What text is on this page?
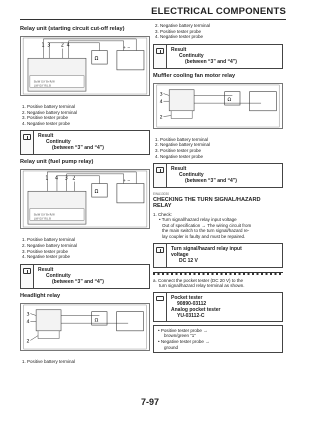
ELECTRICAL COMPONENTS
Relay unit (starting circuit cut-off relay)
Sb/W G/Y Br R/W
L/W G/Y R/L B
1 3 2 4
Ω
+ −
1. Positive battery terminal
2. Negative battery terminal
3. Positive tester probe
4. Negative tester probe
Result
Continuity
(between “3” and “4”)
Relay unit (fuel pump relay)
Sb/W G/Y Br R/W
L/W G/Y R/L B
1 4 3 2
Ω
+ −
1. Positive battery terminal
2. Negative battery terminal
3. Positive tester probe
4. Negative tester probe
Result
Continuity
(between “3” and “4”)
Headlight relay
3
4
2
Ω
1. Positive battery terminal
2. Negative battery terminal
3. Positive tester probe
4. Negative tester probe
Result
Continuity
(between “3” and “4”)
Muffler cooling fan motor relay
3
4
2
Ω
1. Positive battery terminal
2. Negative battery terminal
3. Positive tester probe
4. Negative tester probe
Result
Continuity
(between “3” and “4”)
EWA13030
CHECKING THE TURN SIGNAL/HAZARD
RELAY
1. Check:
• Turn signal/hazard relay input voltage
Out of specification → The wiring circuit from
the main switch to the turn signal/hazard re-
lay coupler is faulty and must be repaired.
Turn signal/hazard relay input
voltage
DC 12 V
a. Connect the pocket tester (DC 20 V) to the
turn signal/hazard relay terminal as shown.
Pocket tester
90890-03112
Analog pocket tester
YU-03112-C
• Positive tester probe →
brown/green “1”
• Negative tester probe →
ground
7-97
